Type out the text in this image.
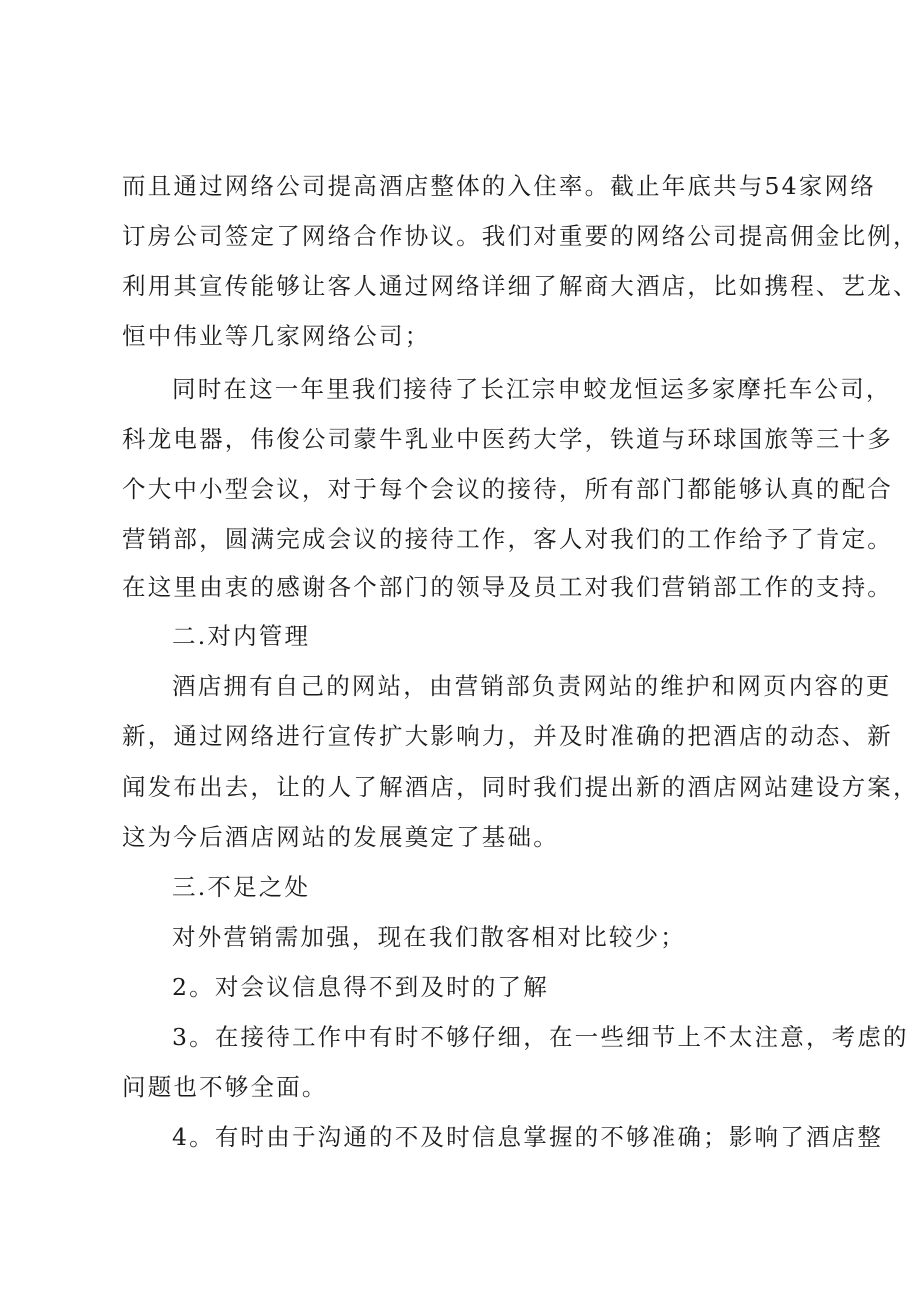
而且通过网络公司提高酒店整体的入住率。截止年底共与54家网络
订房公司签定了网络合作协议。我们对重要的网络公司提高佣金比例，
利用其宣传能够让客人通过网络详细了解商大酒店，比如携程、艺龙、
恒中伟业等几家网络公司；
同时在这一年里我们接待了长江宗申蛟龙恒运多家摩托车公司，
科龙电器，伟俊公司蒙牛乳业中医药大学，铁道与环球国旅等三十多
个大中小型会议，对于每个会议的接待，所有部门都能够认真的配合
营销部，圆满完成会议的接待工作，客人对我们的工作给予了肯定。
在这里由衷的感谢各个部门的领导及员工对我们营销部工作的支持。
二.对内管理
酒店拥有自己的网站，由营销部负责网站的维护和网页内容的更
新，通过网络进行宣传扩大影响力，并及时准确的把酒店的动态、新
闻发布出去，让的人了解酒店，同时我们提出新的酒店网站建设方案，
这为今后酒店网站的发展奠定了基础。
三.不足之处
对外营销需加强，现在我们散客相对比较少；
2。对会议信息得不到及时的了解
3。在接待工作中有时不够仔细，在一些细节上不太注意，考虑的
问题也不够全面。
4。有时由于沟通的不及时信息掌握的不够准确；影响了酒店整
